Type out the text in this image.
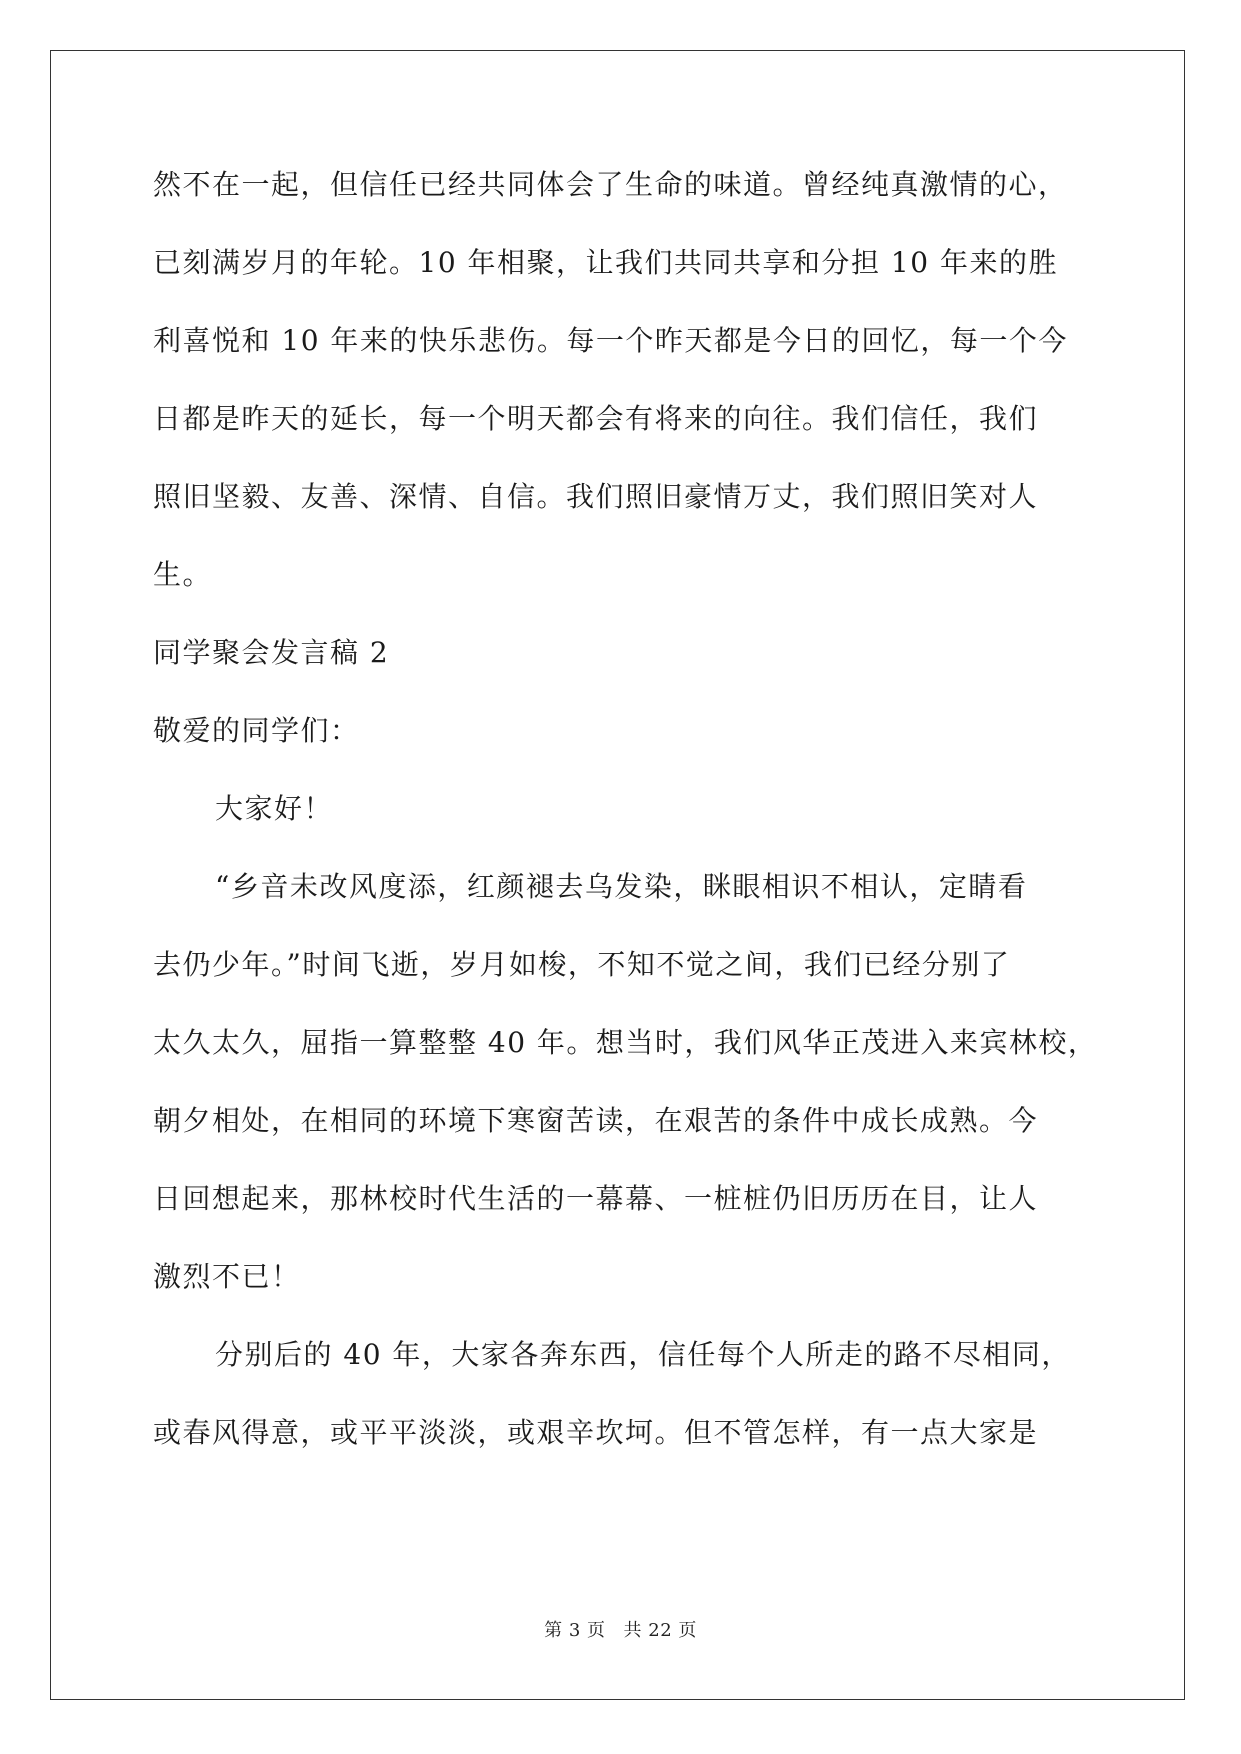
然不在一起，但信任已经共同体会了生命的味道。曾经纯真激情的心，
已刻满岁月的年轮。10 年相聚，让我们共同共享和分担 10 年来的胜
利喜悦和 10 年来的快乐悲伤。每一个昨天都是今日的回忆，每一个今
日都是昨天的延长，每一个明天都会有将来的向往。我们信任，我们
照旧坚毅、友善、深情、自信。我们照旧豪情万丈，我们照旧笑对人
生。
同学聚会发言稿 2
敬爱的同学们：
大家好！
“乡音未改风度添，红颜褪去乌发染，眯眼相识不相认，定睛看
去仍少年。”时间飞逝，岁月如梭，不知不觉之间，我们已经分别了
太久太久，屈指一算整整 40 年。想当时，我们风华正茂进入来宾林校，
朝夕相处，在相同的环境下寒窗苦读，在艰苦的条件中成长成熟。今
日回想起来，那林校时代生活的一幕幕、一桩桩仍旧历历在目，让人
激烈不已！
分别后的 40 年，大家各奔东西，信任每个人所走的路不尽相同，
或春风得意，或平平淡淡，或艰辛坎坷。但不管怎样，有一点大家是
第 3 页 共 22 页
